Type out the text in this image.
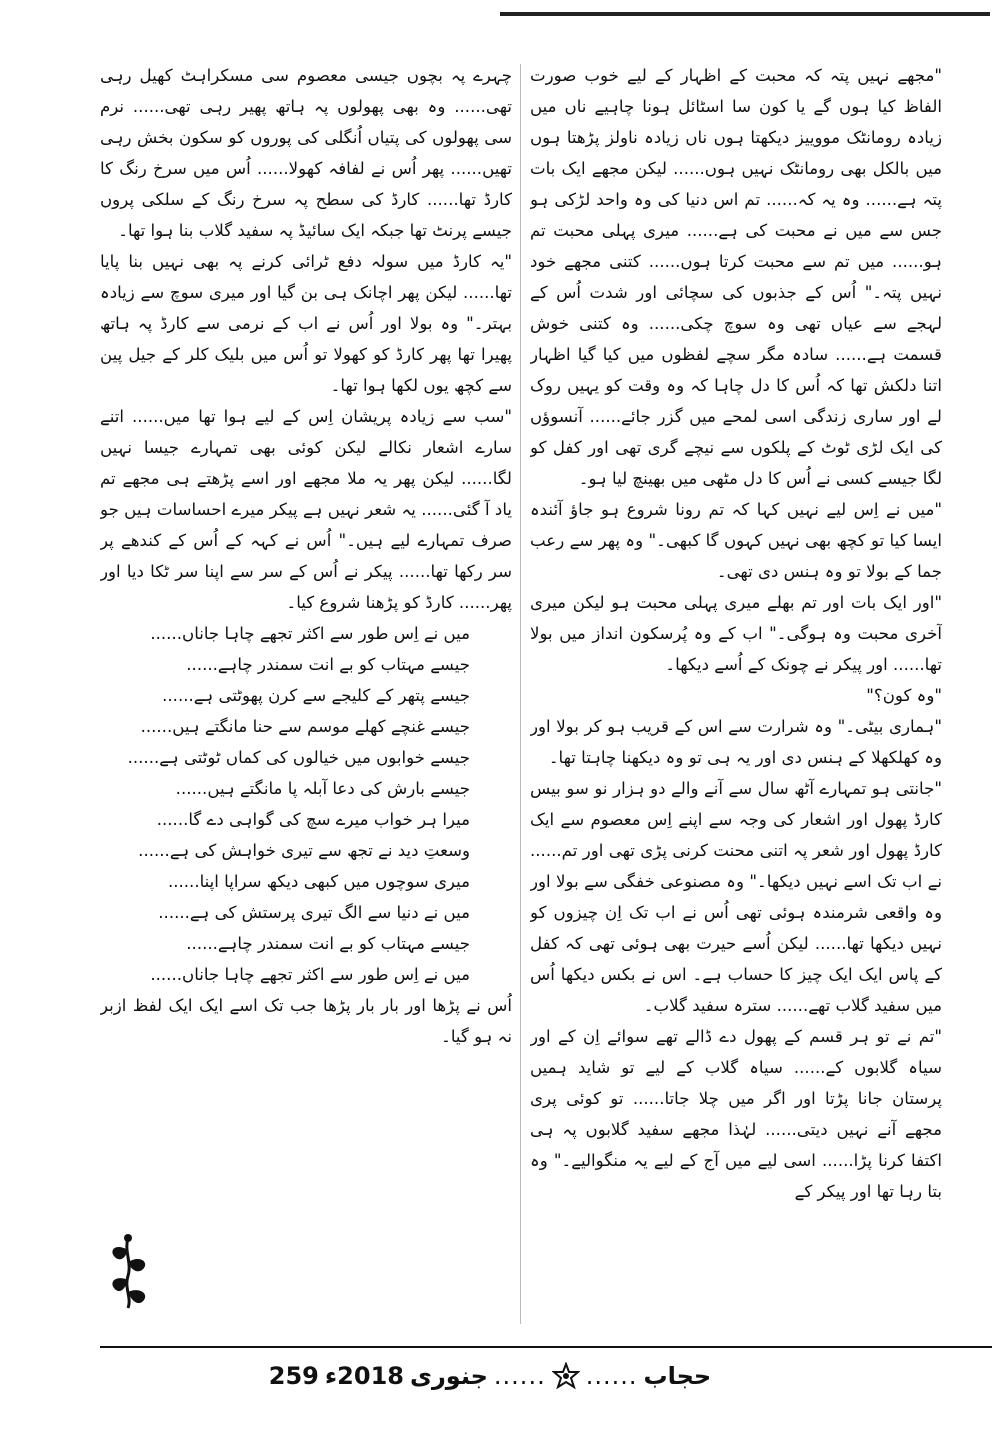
"مجھے نہیں پتہ کہ محبت کے اظہار کے لیے خوب صورت الفاظ کیا ہوں گے یا کون سا اسٹائل ہونا چاہیے ناں میں زیادہ رومانٹک مووییز دیکھتا ہوں ناں زیادہ ناولز پڑھتا ہوں میں بالکل بھی رومانٹک نہیں ہوں...... لیکن مجھے ایک بات پتہ ہے...... وہ یہ کہ...... تم اس دنیا کی وہ واحد لڑکی ہو جس سے میں نے محبت کی ہے...... میری پہلی محبت تم ہو...... میں تم سے محبت کرتا ہوں...... کتنی مجھے خود نہیں پتہ۔" اُس کے جذبوں کی سچائی اور شدت اُس کے لہجے سے عیاں تھی وہ سوچ چکی...... وہ کتنی خوش قسمت ہے...... سادہ مگر سچے لفظوں میں کیا گیا اظہار اتنا دلکش تھا کہ اُس کا دل چاہا کہ وہ وقت کو یہیں روک لے اور ساری زندگی اسی لمحے میں گزر جائے...... آنسوؤں کی ایک لڑی ٹوٹ کے پلکوں سے نیچے گری تھی اور کفل کو لگا جیسے کسی نے اُس کا دل مٹھی میں بھینچ لیا ہو۔

"میں نے اِس لیے نہیں کہا کہ تم رونا شروع ہو جاؤ آئندہ ایسا کیا تو کچھ بھی نہیں کہوں گا کبھی۔" وہ پھر سے رعب جما کے بولا تو وہ ہنس دی تھی۔

"اور ایک بات اور تم بھلے میری پہلی محبت ہو لیکن میری آخری محبت وہ ہوگی۔" اب کے وہ پُرسکون انداز میں بولا تھا...... اور پیکر نے چونک کے اُسے دیکھا۔

"وہ کون؟"

"ہماری بیٹی۔" وہ شرارت سے اس کے قریب ہو کر بولا اور وہ کھلکھلا کے ہنس دی اور یہ ہی تو وہ دیکھنا چاہتا تھا۔

"جانتی ہو تمہارے آٹھ سال سے آنے والے دو ہزار نو سو بیس کارڈ پھول اور اشعار کی وجہ سے اپنے اِس معصوم سے ایک کارڈ پھول اور شعر پہ اتنی محنت کرنی پڑی تھی اور تم...... نے اب تک اسے نہیں دیکھا۔" وہ مصنوعی خفگی سے بولا اور وہ واقعی شرمندہ ہوئی تھی اُس نے اب تک اِن چیزوں کو نہیں دیکھا تھا...... لیکن اُسے حیرت بھی ہوئی تھی کہ کفل کے پاس ایک ایک چیز کا حساب ہے۔ اس نے بکس دیکھا اُس میں سفید گلاب تھے...... سترہ سفید گلاب۔

"تم نے تو ہر قسم کے پھول دے ڈالے تھے سوائے اِن کے اور سیاہ گلابوں کے...... سیاہ گلاب کے لیے تو شاید ہمیں پرستان جانا پڑتا اور اگر میں چلا جاتا...... تو کوئی پری مجھے آنے نہیں دیتی...... لہٰذا مجھے سفید گلابوں پہ ہی اکتفا کرنا پڑا...... اسی لیے میں آج کے لیے یہ منگوالیے۔" وہ بتا رہا تھا اور پیکر کے

چہرے پہ بچوں جیسی معصوم سی مسکراہٹ کھیل رہی تھی...... وہ بھی پھولوں پہ ہاتھ پھیر رہی تھی...... نرم سی پھولوں کی پتیاں اُنگلی کی پوروں کو سکون بخش رہی تھیں...... پھر اُس نے لفافہ کھولا...... اُس میں سرخ رنگ کا کارڈ تھا...... کارڈ کی سطح پہ سرخ رنگ کے سلکی پروں جیسے پرنٹ تھا جبکہ ایک سائیڈ پہ سفید گلاب بنا ہوا تھا۔

"یہ کارڈ میں سولہ دفع ٹرائی کرنے پہ بھی نہیں بنا پایا تھا...... لیکن پھر اچانک ہی بن گیا اور میری سوچ سے زیادہ بہتر۔" وہ بولا اور اُس نے اب کے نرمی سے کارڈ پہ ہاتھ پھیرا تھا پھر کارڈ کو کھولا تو اُس میں بلیک کلر کے جیل پین سے کچھ یوں لکھا ہوا تھا۔

"سب سے زیادہ پریشان اِس کے لیے ہوا تھا میں...... اتنے سارے اشعار نکالے لیکن کوئی بھی تمہارے جیسا نہیں لگا...... لیکن پھر یہ ملا مجھے اور اسے پڑھتے ہی مجھے تم یاد آ گئی...... یہ شعر نہیں ہے پیکر میرے احساسات ہیں جو صرف تمہارے لیے ہیں۔" اُس نے کہہ کے اُس کے کندھے پر سر رکھا تھا...... پیکر نے اُس کے سر سے اپنا سر ٹکا دیا اور پھر...... کارڈ کو پڑھنا شروع کیا۔

میں نے اِس طور سے اکثر تجھے چاہا جاناں......
جیسے مہتاب کو بے انت سمندر چاہے......
جیسے پتھر کے کلیجے سے کرن پھوٹتی ہے......
جیسے غنچے کھلے موسم سے حنا مانگتے ہیں......
جیسے خوابوں میں خیالوں کی کماں ٹوٹتی ہے......
جیسے بارش کی دعا آبلہ پا مانگتے ہیں......
میرا ہر خواب میرے سچ کی گواہی دے گا......
وسعتِ دید نے تجھ سے تیری خواہش کی ہے......
میری سوچوں میں کبھی دیکھ سراپا اپنا......
میں نے دنیا سے الگ تیری پرستش کی ہے......
جیسے مہتاب کو بے انت سمندر چاہے......
میں نے اِس طور سے اکثر تجھے چاہا جاناں......

اُس نے پڑھا اور بار بار پڑھا جب تک اسے ایک ایک لفظ ازبر نہ ہو گیا۔

حجاب
......
......
جنوری
2018ء
259
